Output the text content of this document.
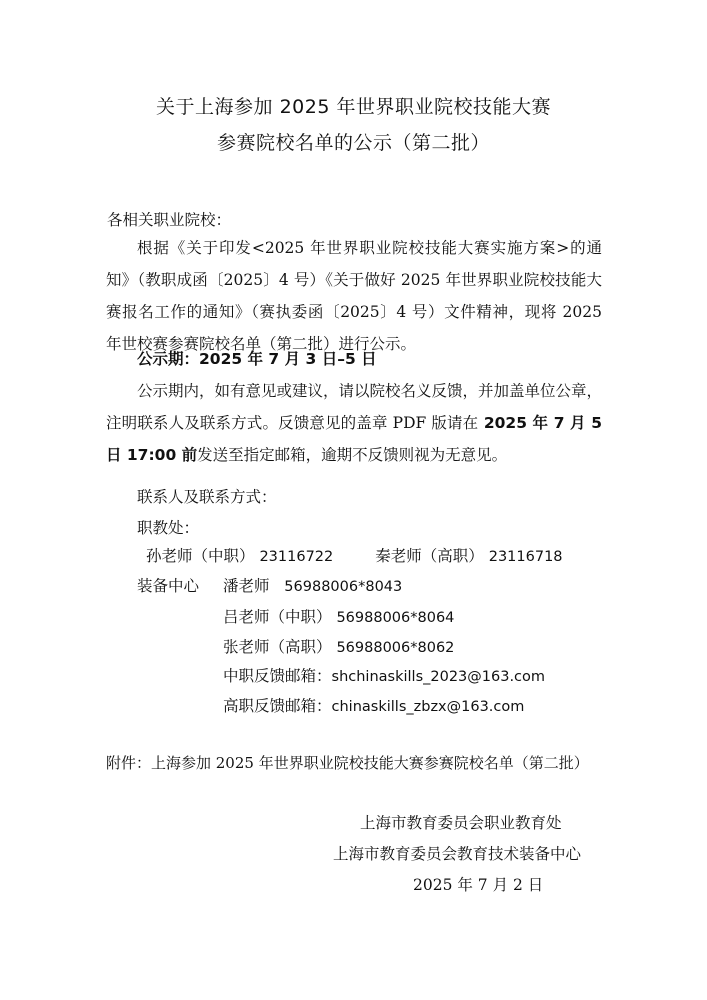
关于上海参加 2025 年世界职业院校技能大赛
参赛院校名单的公示（第二批）
各相关职业院校：
根据《关于印发<2025 年世界职业院校技能大赛实施方案>的通知》（教职成函〔2025〕4 号）《关于做好 2025 年世界职业院校技能大赛报名工作的通知》（赛执委函〔2025〕4 号）文件精神，现将 2025 年世校赛参赛院校名单（第二批）进行公示。
公示期：2025 年 7 月 3 日–5 日
公示期内，如有意见或建议，请以院校名义反馈，并加盖单位公章，注明联系人及联系方式。反馈意见的盖章 PDF 版请在 2025 年 7 月 5 日 17:00 前发送至指定邮箱，逾期不反馈则视为无意见。
联系人及联系方式：
职教处：
孙老师（中职） 23116722	秦老师（高职） 23116718
装备中心 潘老师 56988006*8043
吕老师（中职） 56988006*8064
张老师（高职） 56988006*8062
中职反馈邮箱：shchinaskills_2023@163.com
高职反馈邮箱：chinaskills_zbzx@163.com
附件：上海参加 2025 年世界职业院校技能大赛参赛院校名单（第二批）
上海市教育委员会职业教育处
上海市教育委员会教育技术装备中心
2025 年 7 月 2 日
